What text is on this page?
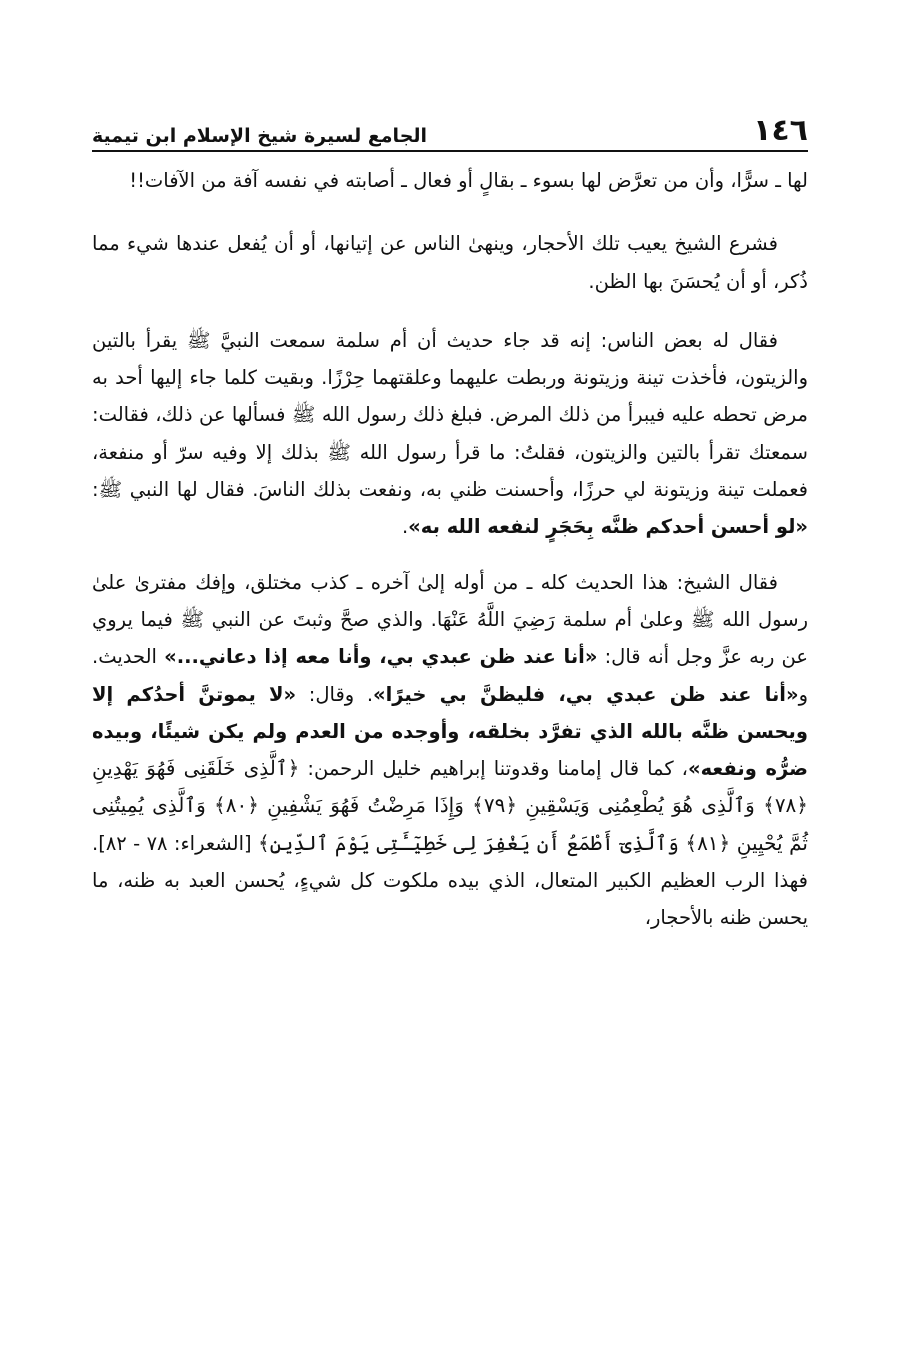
١٤٦
الجامع لسيرة شيخ الإسلام ابن تيمية

لها ـ سرًّا، وأن من تعرَّض لها بسوء ـ بقالٍ أو فعال ـ أصابته في نفسه آفة من الآفات!!

فشرع الشيخ يعيب تلك الأحجار، وينهىٰ الناس عن إتيانها، أو أن يُفعل عندها شيء مما ذُكر، أو أن يُحسَنَ بها الظن.

فقال له بعض الناس: إنه قد جاء حديث أن أم سلمة سمعت النبيَّ ﷺ يقرأ بالتين والزيتون، فأخذت تينة وزيتونة وربطت عليهما وعلقتهما حِرْزًا. وبقيت كلما جاء إليها أحد به مرض تحطه عليه فيبرأ من ذلك المرض. فبلغ ذلك رسول الله ﷺ فسألها عن ذلك، فقالت: سمعتك تقرأ بالتين والزيتون، فقلتُ: ما قرأ رسول الله ﷺ بذلك إلا وفيه سرّ أو منفعة، فعملت تينة وزيتونة لي حرزًا، وأحسنت ظني به، ونفعت بذلك الناسَ. فقال لها النبي ﷺ: «لو أحسن أحدكم ظنَّه بِحَجَرٍ لنفعه الله به».

فقال الشيخ: هذا الحديث كله ـ من أوله إلىٰ آخره ـ كذب مختلق، وإفك مفترىٰ علىٰ رسول الله ﷺ وعلىٰ أم سلمة رَضِيَ اللَّهُ عَنْهَا. والذي صحَّ وثبتَ عن النبي ﷺ فيما يروي عن ربه عزَّ وجل أنه قال: «أنا عند ظن عبدي بي، وأنا معه إذا دعاني...» الحديث. و«أنا عند ظن عبدي بي، فليظنَّ بي خيرًا». وقال: «لا يموتنَّ أحدُكم إلا ويحسن ظنَّه بالله الذي تفرَّد بخلقه، وأوجده من العدم ولم يكن شيئًا، وبيده ضرُّه ونفعه»، كما قال إمامنا وقدوتنا إبراهيم خليل الرحمن: ﴿ٱلَّذِى خَلَقَنِى فَهُوَ يَهْدِينِ ﴿٧٨﴾ وَٱلَّذِى هُوَ يُطْعِمُنِى وَيَسْقِينِ ﴿٧٩﴾ وَإِذَا مَرِضْتُ فَهُوَ يَشْفِينِ ﴿٨٠﴾ وَٱلَّذِى يُمِيتُنِى ثُمَّ يُحْيِينِ ﴿٨١﴾ وَٱلَّذِىٓ أَطْمَعُ أَن يَغْفِرَ لِى خَطِيٓـَٔتِى يَوْمَ ٱلدِّينِ﴾ [الشعراء: ٧٨ - ٨٢]. فهذا الرب العظيم الكبير المتعال، الذي بيده ملكوت كل شيءٍ، يُحسن العبد به ظنه، ما يحسن ظنه بالأحجار،
